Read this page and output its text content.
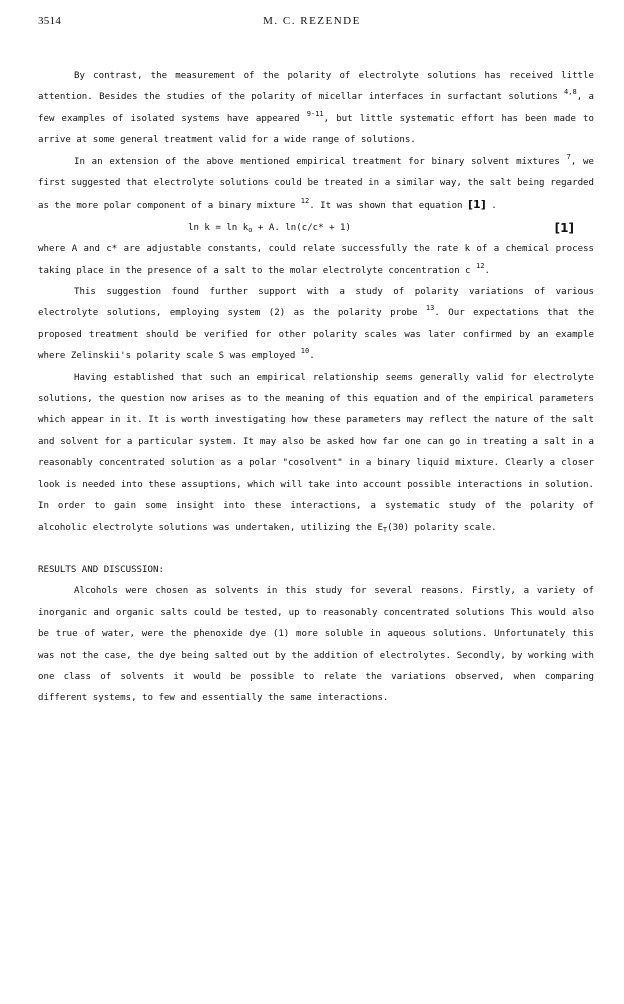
3514	M. C. REZENDE

By contrast, the measurement of the polarity of electrolyte solutions has received little attention. Besides the studies of the polarity of micellar interfaces in surfactant solutions $^{4,8}$, a few examples of isolated systems have appeared $^{9-11}$, but little systematic effort has been made to arrive at some general treatment valid for a wide range of solutions.

In an extension of the above mentioned empirical treatment for binary solvent mixtures $^7$, we first suggested that electrolyte solutions could be treated in a similar way, the salt being regarded as the more polar component of a binary mixture $^{12}$. It was shown that equation [1] .

$\ln k = \ln k_o + A$. ln(c/c* + 1)	[1]

where A and c* are adjustable constants, could relate successfully the rate k of a chemical process taking place in the presence of a salt to the molar electrolyte concentration c $^{12}$.

This suggestion found further support with a study of polarity variations of various electrolyte solutions, employing system (2) as the polarity probe $^{13}$. Our expectations that the proposed treatment should be verified for other polarity scales was later confirmed by an example where Zelinskii's polarity scale S was employed $^{10}$.

Having established that such an empirical relationship seems generally valid for electrolyte solutions, the question now arises as to the meaning of this equation and of the empirical parameters which appear in it. It is worth investigating how these parameters may reflect the nature of the salt and solvent for a particular system. It may also be asked how far one can go in treating a salt in a reasonably concentrated solution as a polar "cosolvent" in a binary liquid mixture. Clearly a closer look is needed into these assuptions, which will take into account possible interactions in solution. In order to gain some insight into these interactions, a systematic study of the polarity of alcoholic electrolyte solutions was undertaken, utilizing the $E_T(30)$ polarity scale.

RESULTS AND DISCUSSION:

Alcohols were chosen as solvents in this study for several reasons. Firstly, a variety of inorganic and organic salts could be tested, up to reasonably concentrated solutions This would also be true of water, were the phenoxide dye (1) more soluble in aqueous solutions. Unfortunately this was not the case, the dye being salted out by the addition of electrolytes. Secondly, by working with one class of solvents it would be possible to relate the variations observed, when comparing different systems, to few and essentially the same interactions.
